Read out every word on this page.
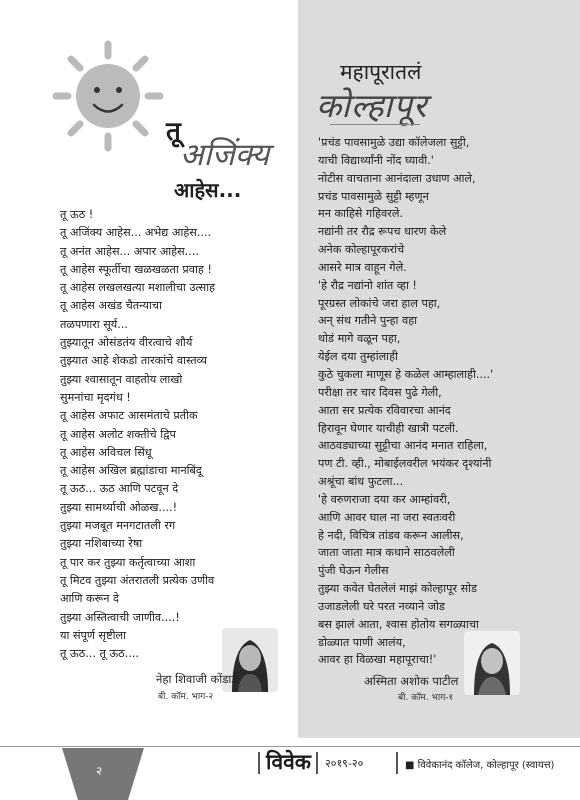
तू
अजिंक्य
आहेस...
तू ऊठ !
तू अजिंक्य आहेस... अभेद्य आहेस....
तू अनंत आहेस... अपार आहेस....
तू आहेस स्फूर्तीचा खळखळता प्रवाह !
तू आहेस लखलखत्या मशालीचा उत्साह
तू आहेस अखंड चैतन्याचा
तळपणारा सूर्य...
तुझ्यातून ओसंडतंय वीरत्वाचे शौर्य
तुझ्यात आहे शेकडो तारकांचे वास्तव्य
तुझ्या श्वासातून वाहतोय लाखो
सुमनांचा मृदगंध !
तू आहेस अफाट आसमंताचे प्रतीक
तू आहेस अलोट शक्तीचे द्विप
तू आहेस अविचल सिंधू
तू आहेस अखिल ब्रह्मांडाचा मानबिंदू
तू ऊठ... ऊठ आणि पटवून दे
तुझ्या सामर्थ्याची ओळख....!
तुझ्या मजबूत मनगटातली रग
तुझ्या नशिबाच्या रेषा
तू पार कर तुझ्या कर्तृत्वाच्या आशा
तू मिटव तुझ्या अंतरातली प्रत्येक उणीव
आणि करून दे
तुझ्या अस्तित्वाची जाणीव....!
या संपूर्ण सृष्टीला
तू ऊठ... तू ऊठ....
महापूरातलं
कोल्हापूर
'प्रचंड पावसामुळे उद्या कॉलेजला सुट्टी,
याची विद्यार्थ्यांनी नोंद घ्यावी.'
नोटीस वाचताना आनंदाला उधाण आले,
प्रचंड पावसामुळे सुट्टी म्हणून
मन काहिसे गहिवरले.
नद्यांनी तर रौद्र रूपच धारण केले
अनेक कोल्हापूरकरांचे
आसरे मात्र वाहून गेले.
'हे रौद्र नद्यांनो शांत व्हा !
पूरग्रस्त लोकांचे जरा हाल पहा,
अन् संथ गतीने पुन्हा वहा
थोडं मागे वळून पहा,
येईल दया तुम्हांलाही
कुठे चुकला माणूस हे कळेल आम्हालाही....'
परीक्षा तर चार दिवस पुढे गेली,
आता सर प्रत्येक रविवारचा आनंद
हिरावून घेणार याचीही खात्री पटली.
आठवड्याच्या सुट्टीचा आनंद मनात राहिला,
पण टी. व्ही., मोबाईलवरील भयंकर दृश्यांनी
अश्रूंचा बांध फुटला...
'हे वरुणराजा दया कर आम्हांवरी,
आणि आवर घाल ना जरा स्वतःवरी
हे नदी, विचित्र तांडव करून आलीस,
जाता जाता मात्र कधाने साठवलेली
पुंजी घेऊन गेलीस
तुझ्या कवेत घेतलेलं माझं कोल्हापूर सोड
उजाडलेली घरे परत नव्याने जोड
बस झालं आता, श्वास होतोय सगळ्याचा
डोळ्यात पाणी आलंय,
आवर हा विळखा महापूराचा!'
नेहा शिवाजी कोंडाडे
बी. कॉम. भाग-२
अस्मिता अशोक पाटील
बी. कॉम. भाग-१
२	विवेक २०१९-२०	■ विवेकानंद कॉलेज, कोल्हापूर (स्वायत्त)
